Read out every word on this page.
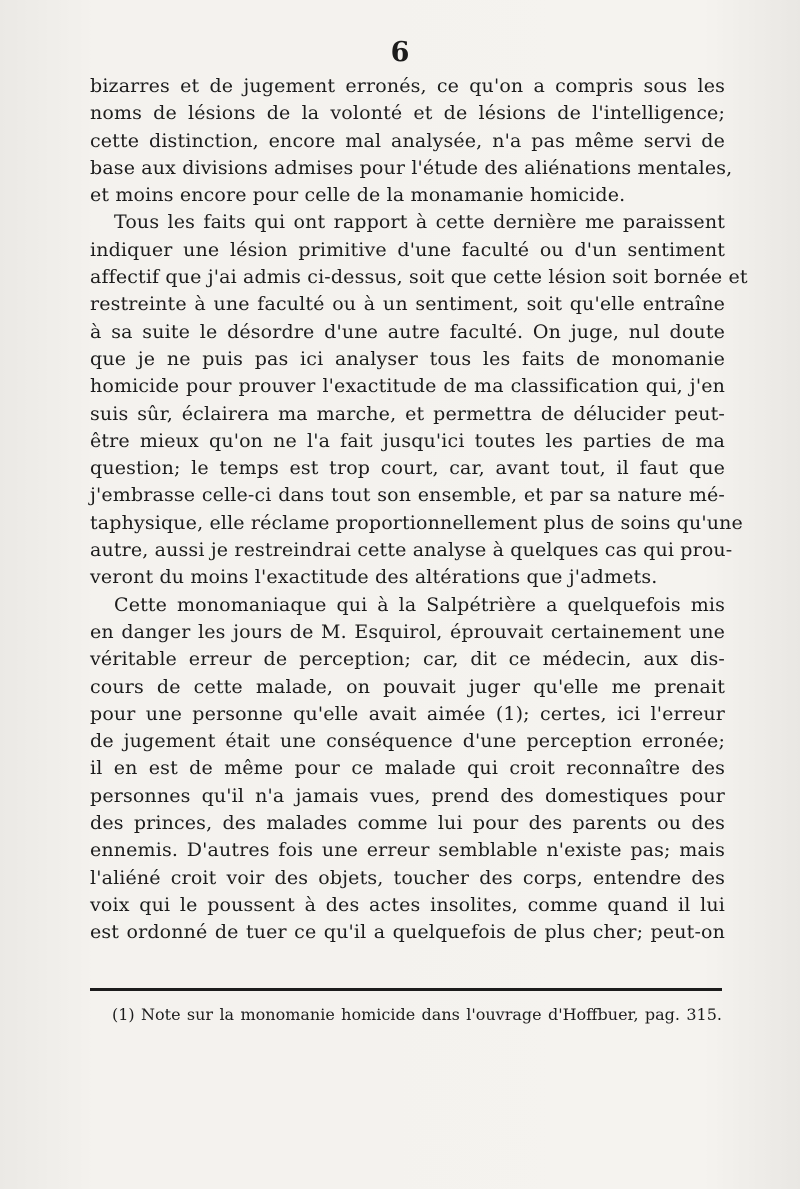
6
bizarres et de jugement erronés, ce qu'on a compris sous les
noms de lésions de la volonté et de lésions de l'intelligence;
cette distinction, encore mal analysée, n'a pas même servi de
base aux divisions admises pour l'étude des aliénations mentales,
et moins encore pour celle de la monamanie homicide.
Tous les faits qui ont rapport à cette dernière me paraissent
indiquer une lésion primitive d'une faculté ou d'un sentiment
affectif que j'ai admis ci-dessus, soit que cette lésion soit bornée et
restreinte à une faculté ou à un sentiment, soit qu'elle entraîne
à sa suite le désordre d'une autre faculté. On juge, nul doute
que je ne puis pas ici analyser tous les faits de monomanie
homicide pour prouver l'exactitude de ma classification qui, j'en
suis sûr, éclairera ma marche, et permettra de délucider peut-
être mieux qu'on ne l'a fait jusqu'ici toutes les parties de ma
question; le temps est trop court, car, avant tout, il faut que
j'embrasse celle-ci dans tout son ensemble, et par sa nature mé-
taphysique, elle réclame proportionnellement plus de soins qu'une
autre, aussi je restreindrai cette analyse à quelques cas qui prou-
veront du moins l'exactitude des altérations que j'admets.
Cette monomaniaque qui à la Salpétrière a quelquefois mis
en danger les jours de M. Esquirol, éprouvait certainement une
véritable erreur de perception; car, dit ce médecin, aux dis-
cours de cette malade, on pouvait juger qu'elle me prenait
pour une personne qu'elle avait aimée (1); certes, ici l'erreur
de jugement était une conséquence d'une perception erronée;
il en est de même pour ce malade qui croit reconnaître des
personnes qu'il n'a jamais vues, prend des domestiques pour
des princes, des malades comme lui pour des parents ou des
ennemis. D'autres fois une erreur semblable n'existe pas; mais
l'aliéné croit voir des objets, toucher des corps, entendre des
voix qui le poussent à des actes insolites, comme quand il lui
est ordonné de tuer ce qu'il a quelquefois de plus cher; peut-on
(1) Note sur la monomanie homicide dans l'ouvrage d'Hoffbuer, pag. 315.
